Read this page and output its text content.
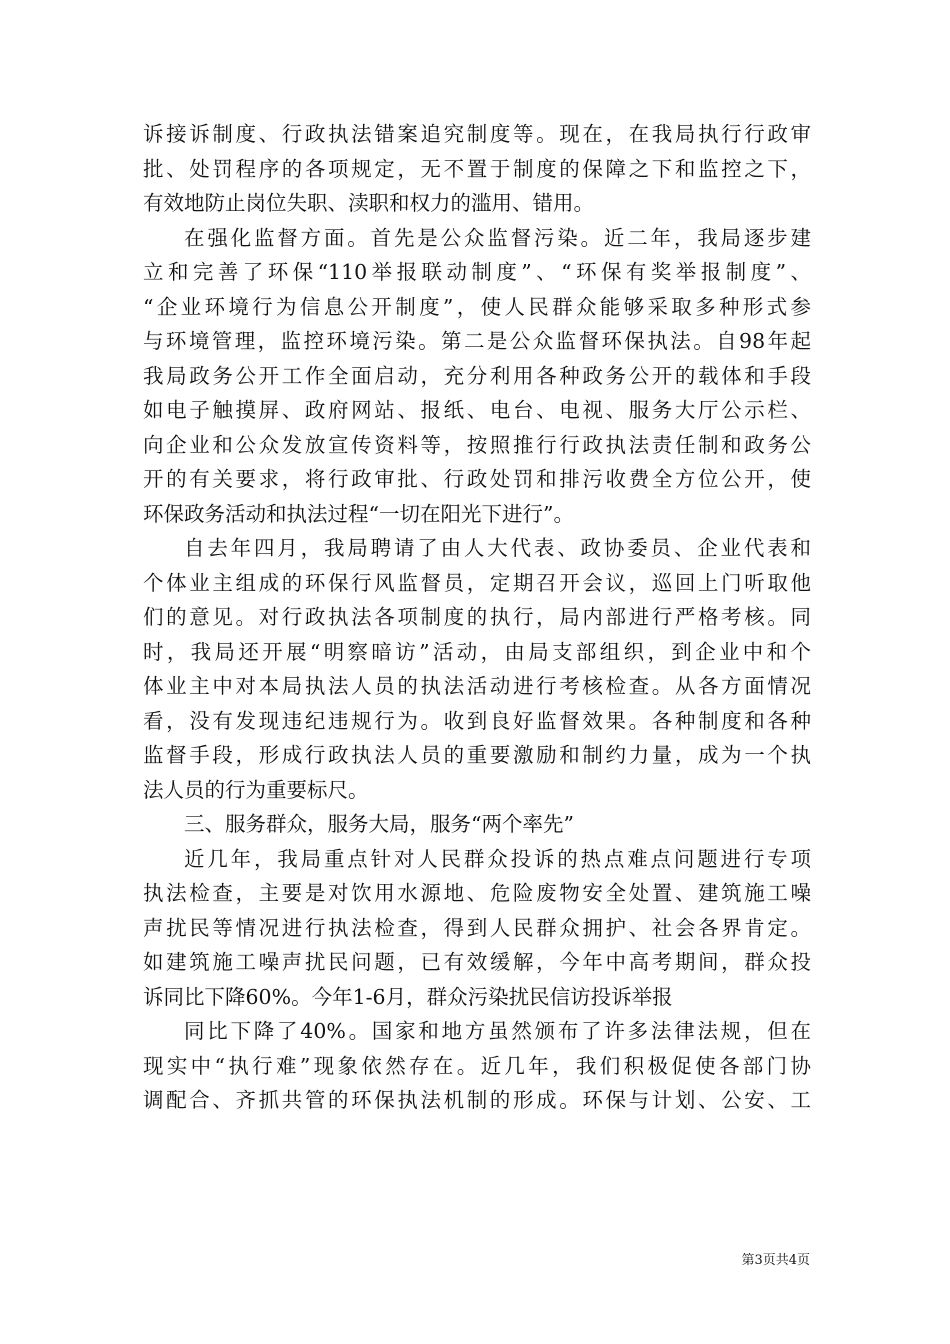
诉接诉制度、行政执法错案追究制度等。现在，在我局执行行政审
批、处罚程序的各项规定，无不置于制度的保障之下和监控之下，
有效地防止岗位失职、渎职和权力的滥用、错用。
在强化监督方面。首先是公众监督污染。近二年，我局逐步建
立和完善了环保“110举报联动制度”、“环保有奖举报制度”、
“企业环境行为信息公开制度”，使人民群众能够采取多种形式参
与环境管理，监控环境污染。第二是公众监督环保执法。自98年起
我局政务公开工作全面启动，充分利用各种政务公开的载体和手段
如电子触摸屏、政府网站、报纸、电台、电视、服务大厅公示栏、
向企业和公众发放宣传资料等，按照推行行政执法责任制和政务公
开的有关要求，将行政审批、行政处罚和排污收费全方位公开，使
环保政务活动和执法过程“一切在阳光下进行”。
自去年四月，我局聘请了由人大代表、政协委员、企业代表和
个体业主组成的环保行风监督员，定期召开会议，巡回上门听取他
们的意见。对行政执法各项制度的执行，局内部进行严格考核。同
时，我局还开展“明察暗访”活动，由局支部组织，到企业中和个
体业主中对本局执法人员的执法活动进行考核检查。从各方面情况
看，没有发现违纪违规行为。收到良好监督效果。各种制度和各种
监督手段，形成行政执法人员的重要激励和制约力量，成为一个执
法人员的行为重要标尺。
三、服务群众，服务大局，服务“两个率先”
近几年，我局重点针对人民群众投诉的热点难点问题进行专项
执法检查，主要是对饮用水源地、危险废物安全处置、建筑施工噪
声扰民等情况进行执法检查，得到人民群众拥护、社会各界肯定。
如建筑施工噪声扰民问题，已有效缓解，今年中高考期间，群众投
诉同比下降60%。今年1-6月，群众污染扰民信访投诉举报
同比下降了40%。国家和地方虽然颁布了许多法律法规，但在
现实中“执行难”现象依然存在。近几年，我们积极促使各部门协
调配合、齐抓共管的环保执法机制的形成。环保与计划、公安、工
第3页共4页
